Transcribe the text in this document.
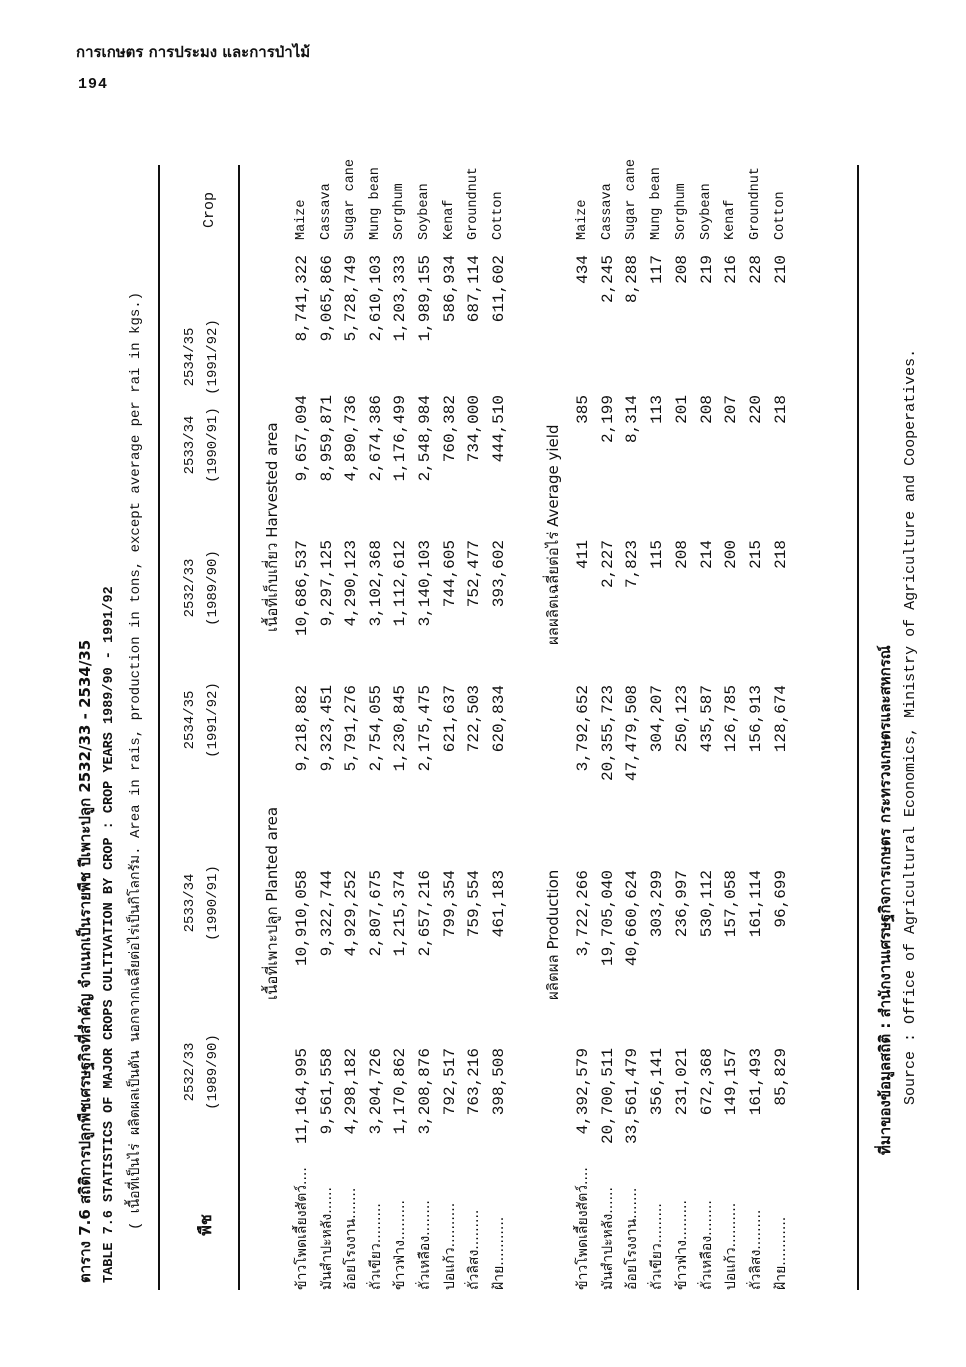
การเกษตร การประมง และการป่าไม้
194
ตาราง 7.6 สถิติการปลูกพืชเศรษฐกิจที่สำคัญ จำแนกเป็นรายพืช ปีเพาะปลูก 2532/33 - 2534/35 TABLE 7.6 STATISTICS OF MAJOR CROPS CULTIVATION BY CROP : CROP YEARS 1989/90 - 1991/92 ( เนื้อที่เป็นไร่ ผลิตผลเป็นตัน นอกจากเฉลี่ยต่อไร่เป็นกิโลกรัม. Area in rais, production in tons, except average per rai in kgs.)	พืช
2532/33 (1989/90)
2533/34 (1990/91)
2534/35 (1991/92)
2532/33 (1989/90)
2533/34 (1990/91)
2534/35 (1991/92)
Crop
เนื้อที่เพาะปลูก Planted area
เนื้อที่เก็บเกี่ยว Harvested area
ผลิตผล Production
ผลผลิตเฉลี่ยต่อไร่ Average yield
ข้าวโพดเลี้ยงสัตว์....
11,164,995
10,910,058
9,218,882
10,686,537
9,657,094
8,741,322
Maize
มันสำปะหลัง......
9,561,558
9,322,744
9,323,451
9,297,125
8,959,871
9,065,866
Cassava
อ้อยโรงงาน.......
4,298,182
4,929,252
5,791,276
4,290,123
4,890,736
5,728,749
Sugar cane
ถั่วเขียว.........
3,204,726
2,807,675
2,754,055
3,102,368
2,674,386
2,610,103
Mung bean
ข้าวฟ่าง.........
1,170,862
1,215,374
1,230,845
1,112,612
1,176,499
1,203,333
Sorghum
ถั่วเหลือง........
3,208,876
2,657,216
2,175,475
3,140,103
2,548,984
1,989,155
Soybean
ปอแก้ว..........
792,517
799,354
621,637
744,605
760,382
586,934
Kenaf
ถั่วลิสง.........
763,216
759,554
722,503
752,477
734,000
687,114
Groundnut
ฝ้าย...........
398,508
461,183
620,834
393,602
444,510
611,602
Cotton
ข้าวโพดเลี้ยงสัตว์....
4,392,579
3,722,266
3,792,652
411
385
434
Maize
มันสำปะหลัง......
20,700,511
19,705,040
20,355,723
2,227
2,199
2,245
Cassava
อ้อยโรงงาน.......
33,561,479
40,660,624
47,479,508
7,823
8,314
8,288
Sugar cane
ถั่วเขียว.........
356,141
303,299
304,207
115
113
117
Mung bean
ข้าวฟ่าง.........
231,021
236,997
250,123
208
201
208
Sorghum
ถั่วเหลือง........
672,368
530,112
435,587
214
208
219
Soybean
ปอแก้ว..........
149,157
157,058
126,785
200
207
216
Kenaf
ถั่วลิสง.........
161,493
161,114
156,913
215
220
228
Groundnut
ฝ้าย...........
85,829
96,699
128,674
218
218
210
Cotton
ที่มาของข้อมูลสถิติ : สำนักงานเศรษฐกิจการเกษตร กระทรวงเกษตรและสหกรณ์ Source : Office of Agricultural Economics, Ministry of Agriculture and Cooperatives.
